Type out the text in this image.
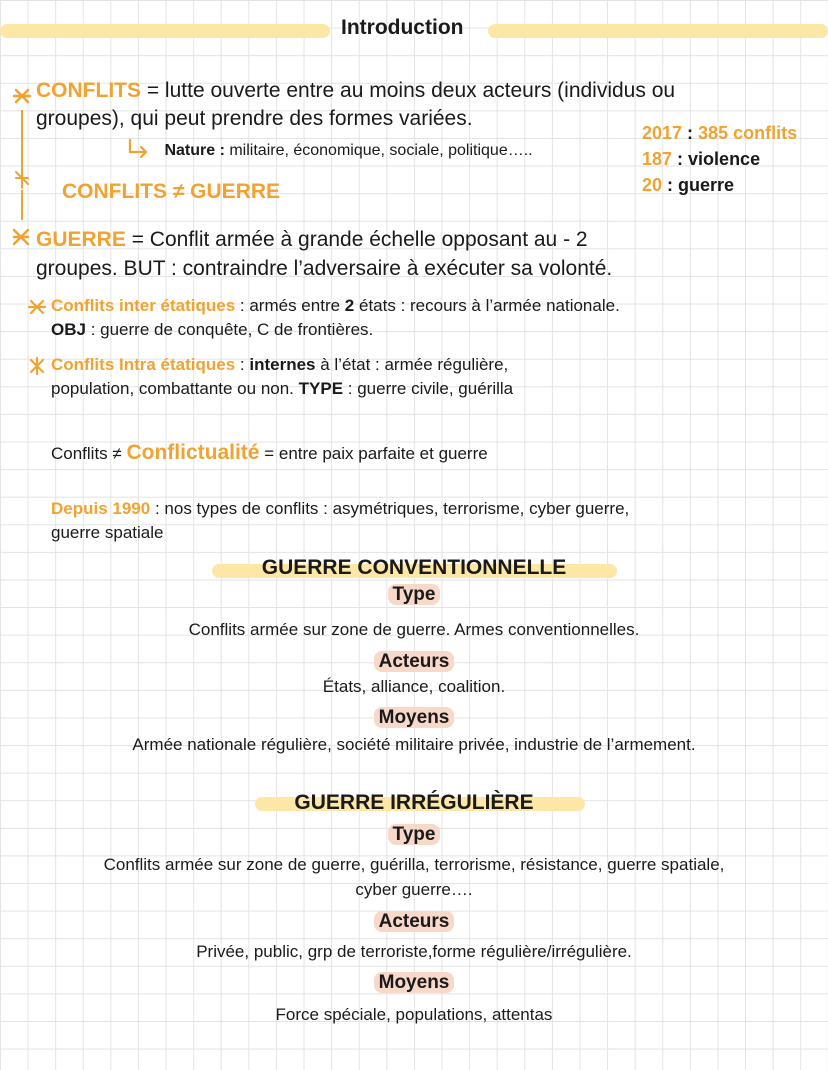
Introduction
CONFLITS = lutte ouverte entre au moins deux acteurs (individus ou
groupes), qui peut prendre des formes variées.
Nature : militaire, économique, sociale, politique…..
2017 : 385 conflits
187 : violence
20 : guerre
CONFLITS ≠ GUERRE
GUERRE = Conflit armée à grande échelle opposant au - 2
groupes. BUT : contraindre l’adversaire à exécuter sa volonté.
Conflits inter étatiques : armés entre 2 états : recours à l’armée nationale.
OBJ : guerre de conquête, C de frontières.
Conflits Intra étatiques : internes à l’état : armée régulière,
population, combattante ou non. TYPE : guerre civile, guérilla
Conflits ≠ Conflictualité = entre paix parfaite et guerre
Depuis 1990 : nos types de conflits : asymétriques, terrorisme, cyber guerre,
guerre spatiale
GUERRE CONVENTIONNELLE
Type
Conflits armée sur zone de guerre. Armes conventionnelles.
Acteurs
États, alliance, coalition.
Moyens
Armée nationale régulière, société militaire privée, industrie de l’armement.
GUERRE IRRÉGULIÈRE
Type
Conflits armée sur zone de guerre, guérilla, terrorisme, résistance, guerre spatiale,
cyber guerre….
Acteurs
Privée, public, grp de terroriste,forme régulière/irrégulière.
Moyens
Force spéciale, populations, attentas
